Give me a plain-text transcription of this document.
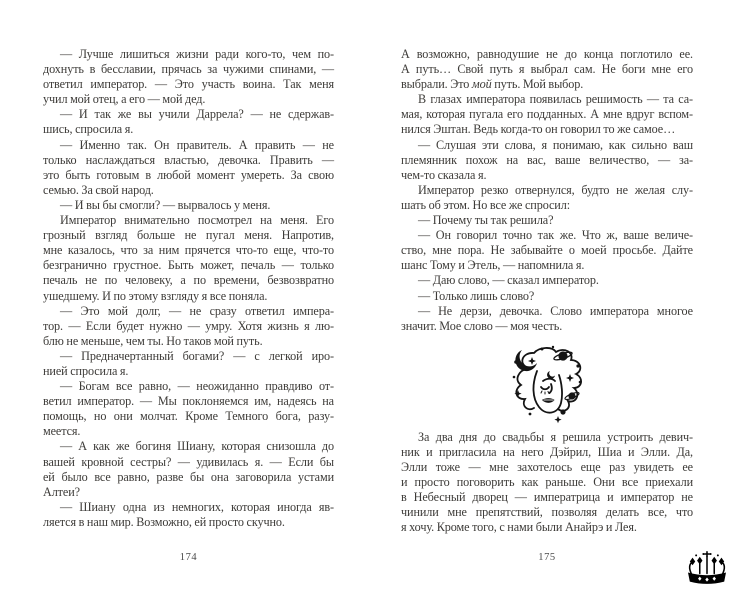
— Лучше лишиться жизни ради кого-то, чем по-
дохнуть в бесславии, прячась за чужими спинами, —
ответил император. — Это участь воина. Так меня
учил мой отец, а его — мой дед.
— И так же вы учили Даррела? — не сдержав-
шись, спросила я.
— Именно так. Он правитель. А править — не
только наслаждаться властью, девочка. Править —
это быть готовым в любой момент умереть. За свою
семью. За свой народ.
— И вы бы смогли? — вырвалось у меня.
Император внимательно посмотрел на меня. Его
грозный взгляд больше не пугал меня. Напротив,
мне казалось, что за ним прячется что-то еще, что-то
безгранично грустное. Быть может, печаль — только
печаль не по человеку, а по времени, безвозвратно
ушедшему. И по этому взгляду я все поняла.
— Это мой долг, — не сразу ответил импера-
тор. — Если будет нужно — умру. Хотя жизнь я лю-
блю не меньше, чем ты. Но таков мой путь.
— Предначертанный богами? — с легкой иро-
нией спросила я.
— Богам все равно, — неожиданно правдиво от-
ветил император. — Мы поклоняемся им, надеясь на
помощь, но они молчат. Кроме Темного бога, разу-
меется.
— А как же богиня Шиану, которая снизошла до
вашей кровной сестры? — удивилась я. — Если бы
ей было все равно, разве бы она заговорила устами
Алтеи?
— Шиану одна из немногих, которая иногда яв-
ляется в наш мир. Возможно, ей просто скучно.
174
А возможно, равнодушие не до конца поглотило ее.
А путь… Свой путь я выбрал сам. Не боги мне его
выбрали. Это мой путь. Мой выбор.
В глазах императора появилась решимость — та са-
мая, которая пугала его подданных. А мне вдруг вспом-
нился Эштан. Ведь когда-то он говорил то же самое…
— Слушая эти слова, я понимаю, как сильно ваш
племянник похож на вас, ваше величество, — за-
чем-то сказала я.
Император резко отвернулся, будто не желая слу-
шать об этом. Но все же спросил:
— Почему ты так решила?
— Он говорил точно так же. Что ж, ваше величе-
ство, мне пора. Не забывайте о моей просьбе. Дайте
шанс Тому и Этель, — напомнила я.
— Даю слово, — сказал император.
— Только лишь слово?
— Не дерзи, девочка. Слово императора многое
значит. Мое слово — моя честь.
За два дня до свадьбы я решила устроить девич-
ник и пригласила на него Дэйрил, Шиа и Элли. Да,
Элли тоже — мне захотелось еще раз увидеть ее
и просто поговорить как раньше. Они все приехали
в Небесный дворец — императрица и император не
чинили мне препятствий, позволяя делать все, что
я хочу. Кроме того, с нами были Анайрэ и Лея.
175
